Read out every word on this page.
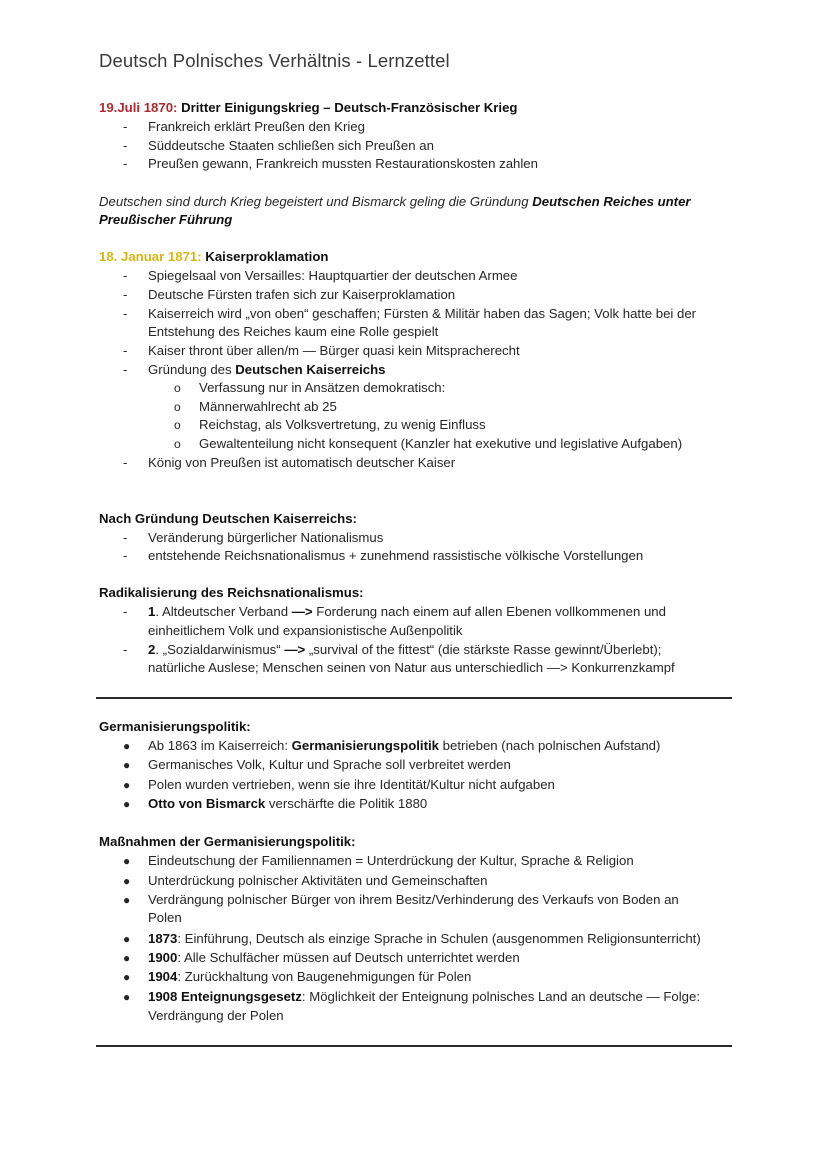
Deutsch Polnisches Verhältnis - Lernzettel
19.Juli 1870: Dritter Einigungskrieg – Deutsch-Französischer Krieg
- Frankreich erklärt Preußen den Krieg
- Süddeutsche Staaten schließen sich Preußen an
- Preußen gewann, Frankreich mussten Restaurationskosten zahlen
Deutschen sind durch Krieg begeistert und Bismarck geling die Gründung Deutschen Reiches unter
Preußischer Führung
18. Januar 1871: Kaiserproklamation
- Spiegelsaal von Versailles: Hauptquartier der deutschen Armee
- Deutsche Fürsten trafen sich zur Kaiserproklamation
- Kaiserreich wird „von oben“ geschaffen; Fürsten & Militär haben das Sagen; Volk hatte bei der
Entstehung des Reiches kaum eine Rolle gespielt
- Kaiser thront über allen/m — Bürger quasi kein Mitspracherecht
- Gründung des Deutschen Kaiserreichs
o Verfassung nur in Ansätzen demokratisch:
o Männerwahlrecht ab 25
o Reichstag, als Volksvertretung, zu wenig Einfluss
o Gewaltenteilung nicht konsequent (Kanzler hat exekutive und legislative Aufgaben)
- König von Preußen ist automatisch deutscher Kaiser
Nach Gründung Deutschen Kaiserreichs:
- Veränderung bürgerlicher Nationalismus
- entstehende Reichsnationalismus + zunehmend rassistische völkische Vorstellungen
Radikalisierung des Reichsnationalismus:
- 1. Altdeutscher Verband —> Forderung nach einem auf allen Ebenen vollkommenen und
einheitlichem Volk und expansionistische Außenpolitik
- 2. „Sozialdarwinismus“ —> „survival of the fittest“ (die stärkste Rasse gewinnt/Überlebt);
natürliche Auslese; Menschen seinen von Natur aus unterschiedlich —> Konkurrenzkampf
Germanisierungspolitik:
● Ab 1863 im Kaiserreich: Germanisierungspolitik betrieben (nach polnischen Aufstand)
● Germanisches Volk, Kultur und Sprache soll verbreitet werden
● Polen wurden vertrieben, wenn sie ihre Identität/Kultur nicht aufgaben
● Otto von Bismarck verschärfte die Politik 1880
Maßnahmen der Germanisierungspolitik:
● Eindeutschung der Familiennamen = Unterdrückung der Kultur, Sprache & Religion
● Unterdrückung polnischer Aktivitäten und Gemeinschaften
● Verdrängung polnischer Bürger von ihrem Besitz/Verhinderung des Verkaufs von Boden an
Polen
● 1873: Einführung, Deutsch als einzige Sprache in Schulen (ausgenommen Religionsunterricht)
● 1900: Alle Schulfächer müssen auf Deutsch unterrichtet werden
● 1904: Zurückhaltung von Baugenehmigungen für Polen
● 1908 Enteignungsgesetz: Möglichkeit der Enteignung polnisches Land an deutsche — Folge:
Verdrängung der Polen
